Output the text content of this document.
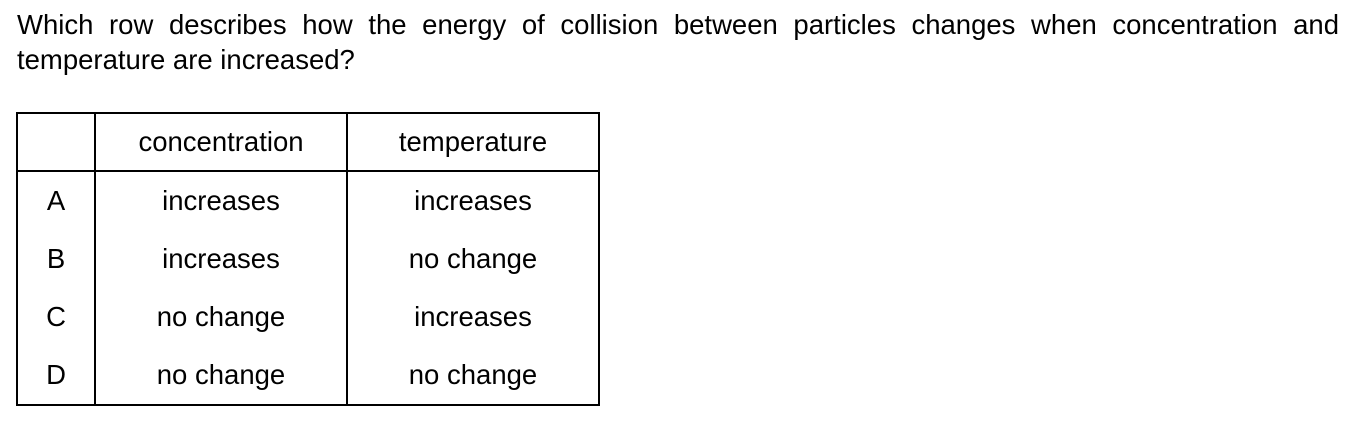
Which row describes how the energy of collision between particles changes when concentration and temperature are increased?

	concentration	temperature
A	increases	increases
B	increases	no change
C	no change	increases
D	no change	no change
